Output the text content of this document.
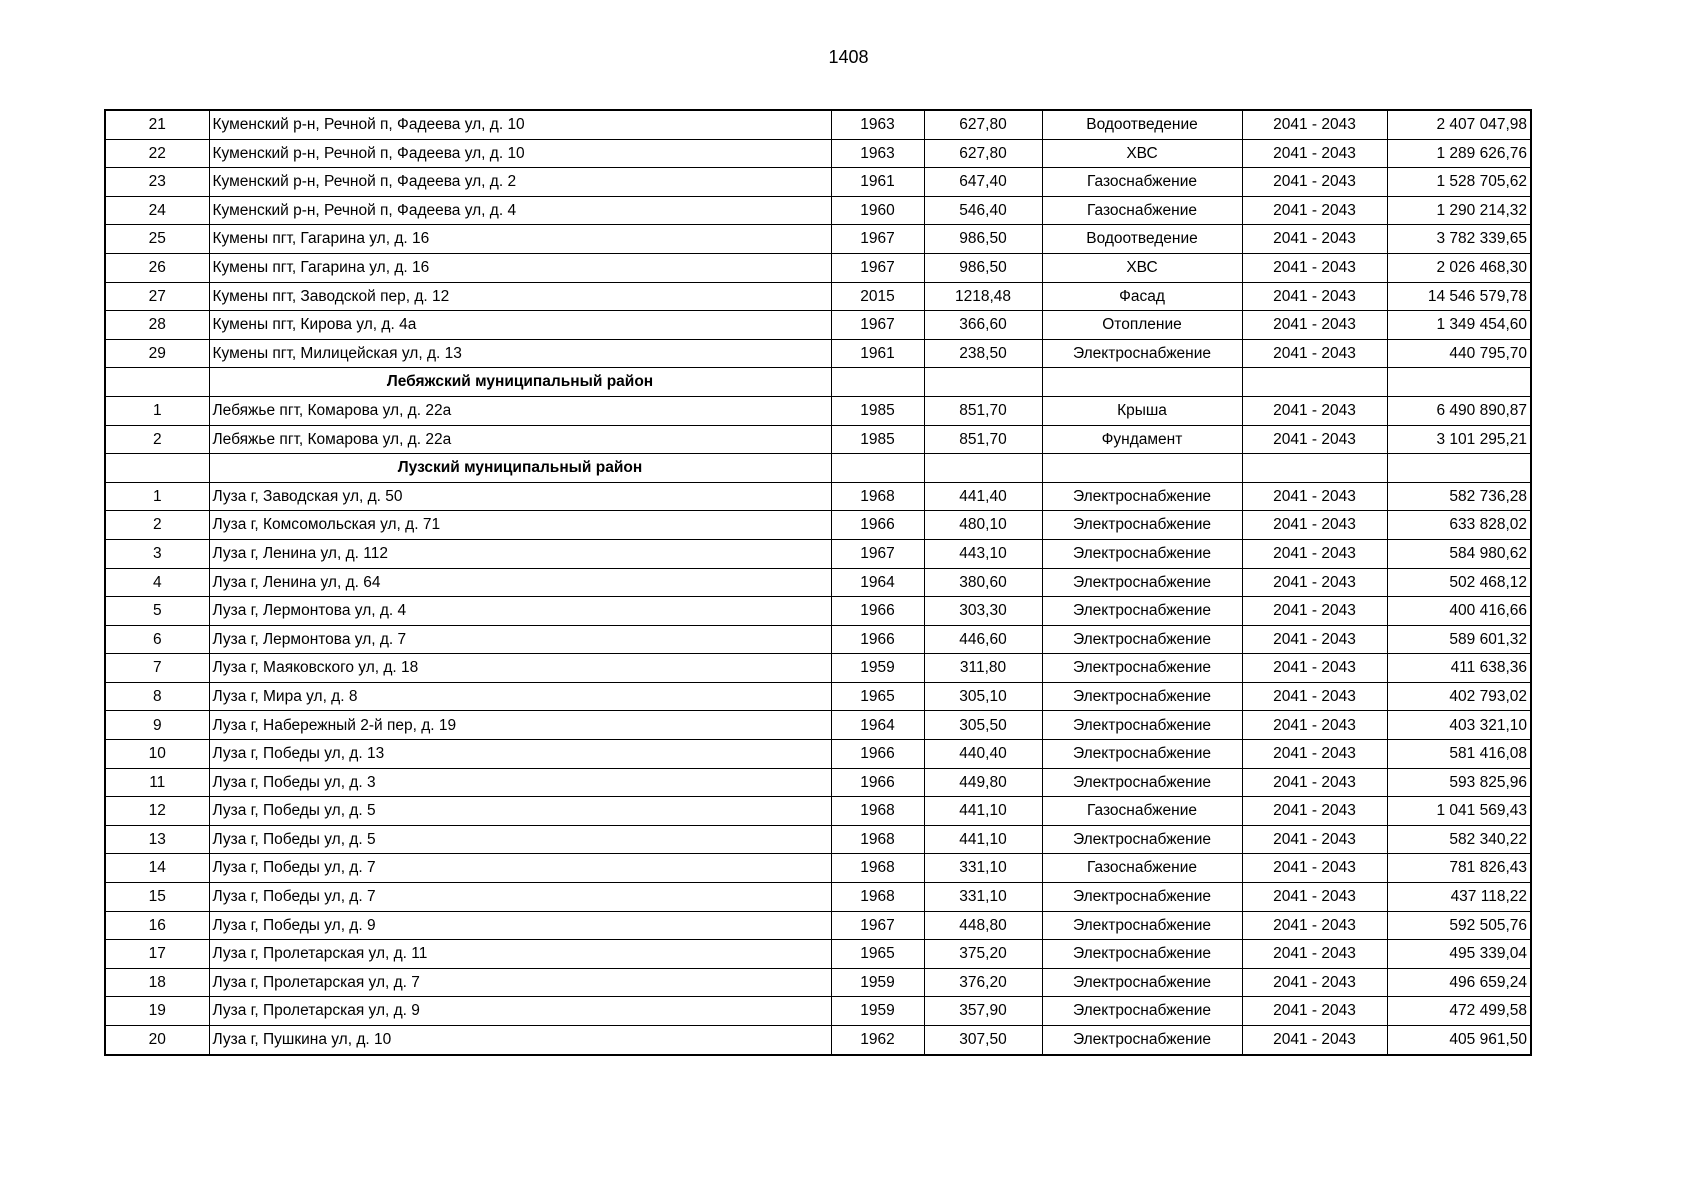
1408
21	Куменский р-н, Речной п, Фадеева ул, д. 10	1963	627,80	Водоотведение	2041 - 2043	2 407 047,98
22	Куменский р-н, Речной п, Фадеева ул, д. 10	1963	627,80	ХВС	2041 - 2043	1 289 626,76
23	Куменский р-н, Речной п, Фадеева ул, д. 2	1961	647,40	Газоснабжение	2041 - 2043	1 528 705,62
24	Куменский р-н, Речной п, Фадеева ул, д. 4	1960	546,40	Газоснабжение	2041 - 2043	1 290 214,32
25	Кумены пгт, Гагарина ул, д. 16	1967	986,50	Водоотведение	2041 - 2043	3 782 339,65
26	Кумены пгт, Гагарина ул, д. 16	1967	986,50	ХВС	2041 - 2043	2 026 468,30
27	Кумены пгт, Заводской пер, д. 12	2015	1218,48	Фасад	2041 - 2043	14 546 579,78
28	Кумены пгт, Кирова ул, д. 4а	1967	366,60	Отопление	2041 - 2043	1 349 454,60
29	Кумены пгт, Милицейская ул, д. 13	1961	238,50	Электроснабжение	2041 - 2043	440 795,70
	Лебяжский муниципальный район					
1	Лебяжье пгт, Комарова ул, д. 22а	1985	851,70	Крыша	2041 - 2043	6 490 890,87
2	Лебяжье пгт, Комарова ул, д. 22а	1985	851,70	Фундамент	2041 - 2043	3 101 295,21
	Лузский муниципальный район					
1	Луза г, Заводская ул, д. 50	1968	441,40	Электроснабжение	2041 - 2043	582 736,28
2	Луза г, Комсомольская ул, д. 71	1966	480,10	Электроснабжение	2041 - 2043	633 828,02
3	Луза г, Ленина ул, д. 112	1967	443,10	Электроснабжение	2041 - 2043	584 980,62
4	Луза г, Ленина ул, д. 64	1964	380,60	Электроснабжение	2041 - 2043	502 468,12
5	Луза г, Лермонтова ул, д. 4	1966	303,30	Электроснабжение	2041 - 2043	400 416,66
6	Луза г, Лермонтова ул, д. 7	1966	446,60	Электроснабжение	2041 - 2043	589 601,32
7	Луза г, Маяковского ул, д. 18	1959	311,80	Электроснабжение	2041 - 2043	411 638,36
8	Луза г, Мира ул, д. 8	1965	305,10	Электроснабжение	2041 - 2043	402 793,02
9	Луза г, Набережный 2-й пер, д. 19	1964	305,50	Электроснабжение	2041 - 2043	403 321,10
10	Луза г, Победы ул, д. 13	1966	440,40	Электроснабжение	2041 - 2043	581 416,08
11	Луза г, Победы ул, д. 3	1966	449,80	Электроснабжение	2041 - 2043	593 825,96
12	Луза г, Победы ул, д. 5	1968	441,10	Газоснабжение	2041 - 2043	1 041 569,43
13	Луза г, Победы ул, д. 5	1968	441,10	Электроснабжение	2041 - 2043	582 340,22
14	Луза г, Победы ул, д. 7	1968	331,10	Газоснабжение	2041 - 2043	781 826,43
15	Луза г, Победы ул, д. 7	1968	331,10	Электроснабжение	2041 - 2043	437 118,22
16	Луза г, Победы ул, д. 9	1967	448,80	Электроснабжение	2041 - 2043	592 505,76
17	Луза г, Пролетарская ул, д. 11	1965	375,20	Электроснабжение	2041 - 2043	495 339,04
18	Луза г, Пролетарская ул, д. 7	1959	376,20	Электроснабжение	2041 - 2043	496 659,24
19	Луза г, Пролетарская ул, д. 9	1959	357,90	Электроснабжение	2041 - 2043	472 499,58
20	Луза г, Пушкина ул, д. 10	1962	307,50	Электроснабжение	2041 - 2043	405 961,50
